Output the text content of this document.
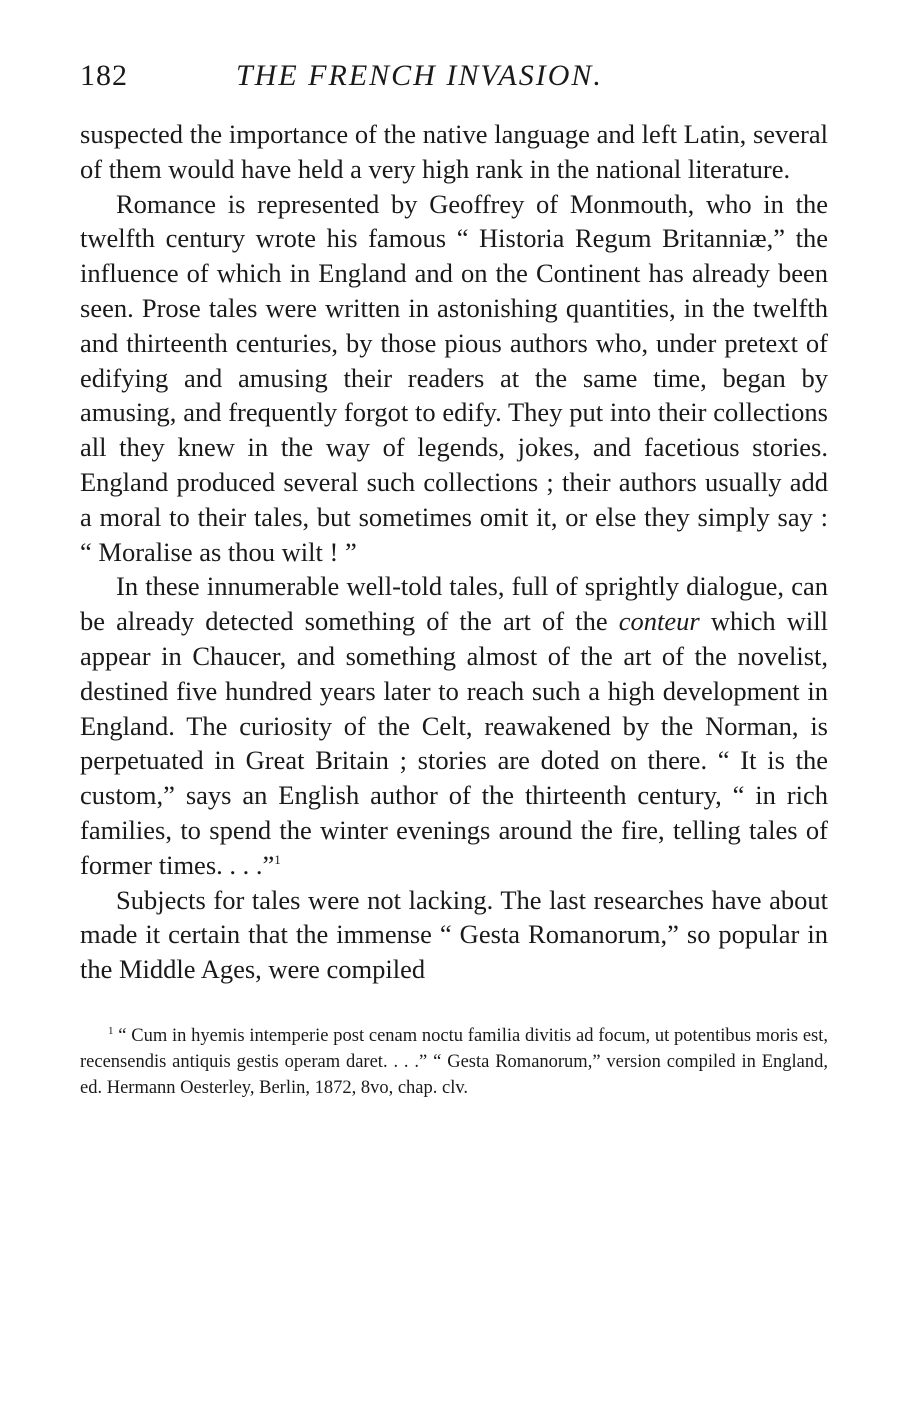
182	THE FRENCH INVASION.

suspected the importance of the native language and left Latin, several of them would have held a very high rank in the national literature.

Romance is represented by Geoffrey of Monmouth, who in the twelfth century wrote his famous “ Historia Regum Britanniæ,” the influence of which in England and on the Continent has already been seen. Prose tales were written in astonishing quantities, in the twelfth and thirteenth centuries, by those pious authors who, under pretext of edifying and amusing their readers at the same time, began by amusing, and frequently forgot to edify. They put into their collections all they knew in the way of legends, jokes, and facetious stories. England produced several such collections ; their authors usually add a moral to their tales, but sometimes omit it, or else they simply say : “ Moralise as thou wilt ! ”

In these innumerable well-told tales, full of sprightly dialogue, can be already detected something of the art of the conteur which will appear in Chaucer, and something almost of the art of the novelist, destined five hundred years later to reach such a high development in England. The curiosity of the Celt, reawakened by the Norman, is perpetuated in Great Britain ; stories are doted on there. “ It is the custom,” says an English author of the thirteenth century, “ in rich families, to spend the winter evenings around the fire, telling tales of former times. . . .”$^1$

Subjects for tales were not lacking. The last researches have about made it certain that the immense “ Gesta Romanorum,” so popular in the Middle Ages, were compiled

$^1$ “ Cum in hyemis intemperie post cenam noctu familia divitis ad focum, ut potentibus moris est, recensendis antiquis gestis operam daret. . . .” “ Gesta Romanorum,” version compiled in England, ed. Hermann Oesterley, Berlin, 1872, 8vo, chap. clv.
